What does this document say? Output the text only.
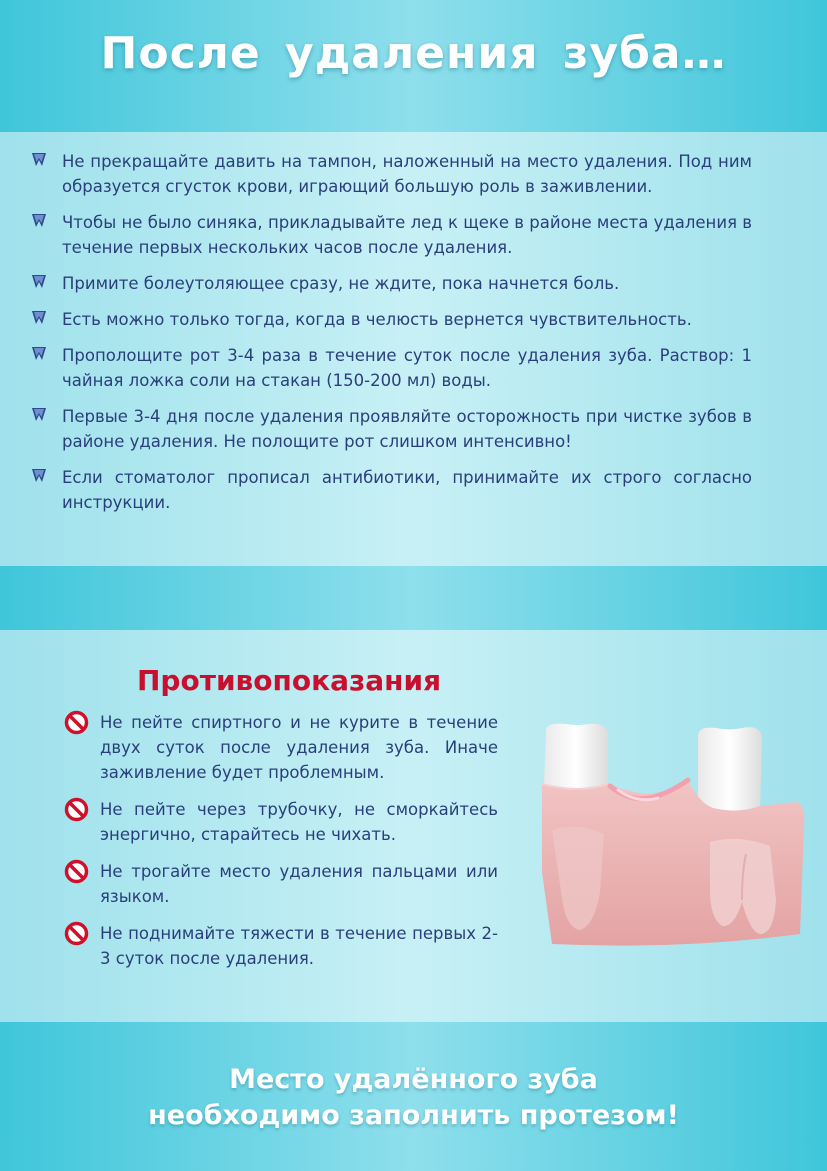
После удаления зуба…
Не прекращайте давить на тампон, наложенный на место удаления. Под ним образуется сгусток крови, играющий большую роль в заживлении.
Чтобы не было синяка, прикладывайте лед к щеке в районе места удаления в течение первых нескольких часов после удаления.
Примите болеутоляющее сразу, не ждите, пока начнется боль.
Есть можно только тогда, когда в челюсть вернется чувствительность.
Прополощите рот 3-4 раза в течение суток после удаления зуба. Раствор: 1 чайная ложка соли на стакан (150-200 мл) воды.
Первые 3-4 дня после удаления проявляйте осторожность при чистке зубов в районе удаления. Не полощите рот слишком интенсивно!
Если стоматолог прописал антибиотики, принимайте их строго согласно инструкции.
Противопоказания
Не пейте спиртного и не курите в течение двух суток после удаления зуба. Иначе заживление будет проблемным.
Не пейте через трубочку, не сморкайтесь энергично, старайтесь не чихать.
Не трогайте место удаления пальцами или языком.
Не поднимайте тяжести в течение первых 2-3 суток после удаления.
Место удалённого зуба
необходимо заполнить протезом!
